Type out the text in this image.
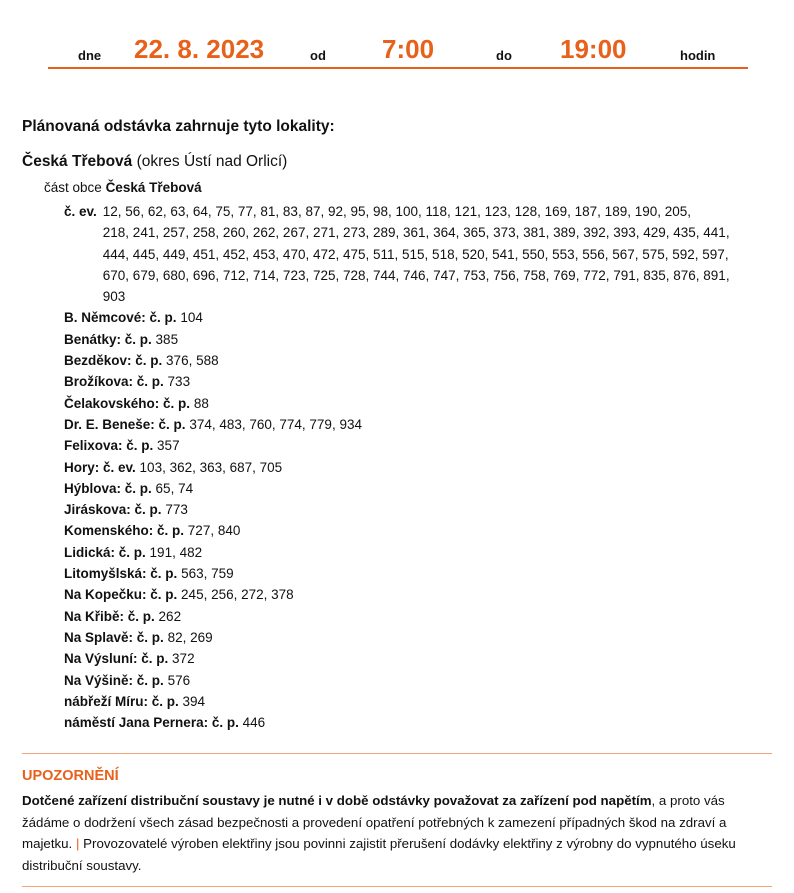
dne 22. 8. 2023	od 7:00	do 19:00	hodin
Plánovaná odstávka zahrnuje tyto lokality:
Česká Třebová (okres Ústí nad Orlicí)
část obce Česká Třebová
č. ev. 12, 56, 62, 63, 64, 75, 77, 81, 83, 87, 92, 95, 98, 100, 118, 121, 123, 128, 169, 187, 189, 190, 205,
218, 241, 257, 258, 260, 262, 267, 271, 273, 289, 361, 364, 365, 373, 381, 389, 392, 393, 429, 435, 441,
444, 445, 449, 451, 452, 453, 470, 472, 475, 511, 515, 518, 520, 541, 550, 553, 556, 567, 575, 592, 597,
670, 679, 680, 696, 712, 714, 723, 725, 728, 744, 746, 747, 753, 756, 758, 769, 772, 791, 835, 876, 891,
903
B. Němcové: č. p. 104
Benátky: č. p. 385
Bezděkov: č. p. 376, 588
Brožíkova: č. p. 733
Čelakovského: č. p. 88
Dr. E. Beneše: č. p. 374, 483, 760, 774, 779, 934
Felixova: č. p. 357
Hory: č. ev. 103, 362, 363, 687, 705
Hýblova: č. p. 65, 74
Jiráskova: č. p. 773
Komenského: č. p. 727, 840
Lidická: č. p. 191, 482
Litomyšlská: č. p. 563, 759
Na Kopečku: č. p. 245, 256, 272, 378
Na Křibě: č. p. 262
Na Splavě: č. p. 82, 269
Na Výsluní: č. p. 372
Na Výšině: č. p. 576
nábřeží Míru: č. p. 394
náměstí Jana Pernera: č. p. 446
UPOZORNĚNÍ
Dotčené zařízení distribuční soustavy je nutné i v době odstávky považovat za zařízení pod napětím, a proto vás žádáme o dodržení všech zásad bezpečnosti a provedení opatření potřebných k zamezení případných škod na zdraví a majetku. | Provozovatelé výroben elektřiny jsou povinni zajistit přerušení dodávky elektřiny z výrobny do vypnutého úseku distribuční soustavy.
